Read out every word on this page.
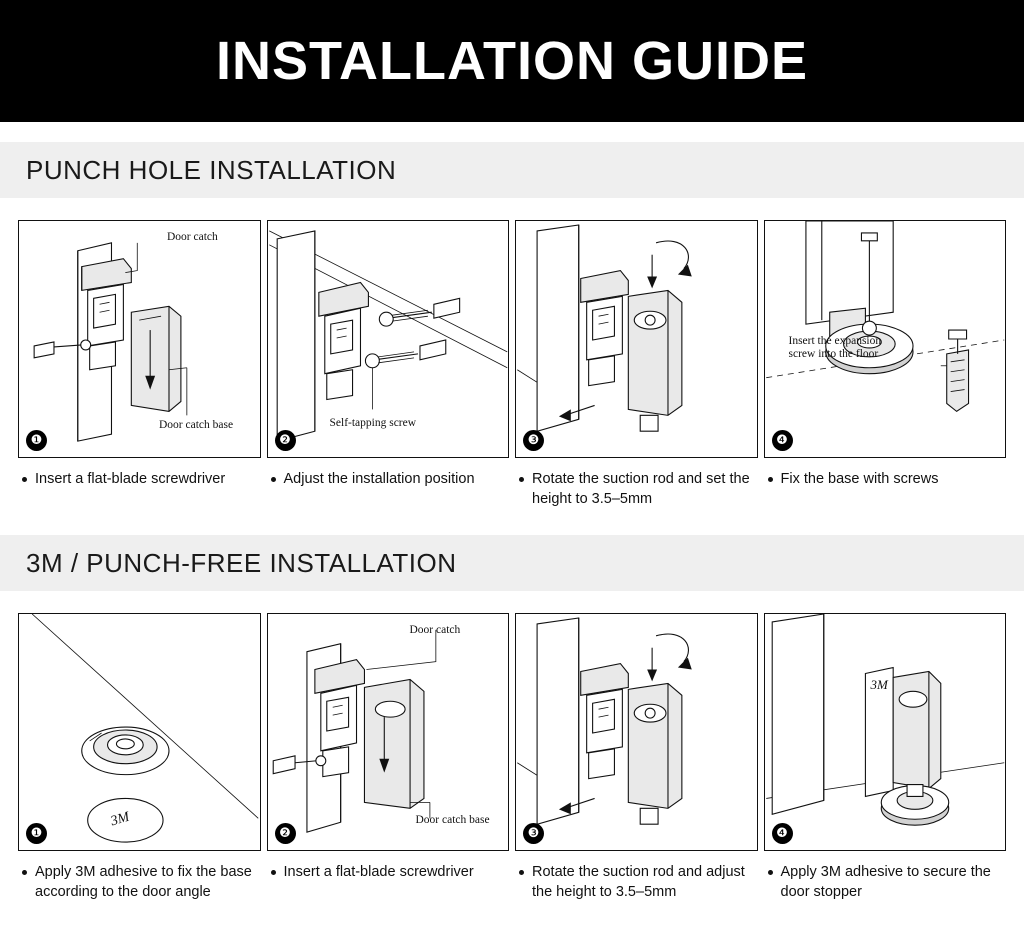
INSTALLATION GUIDE
PUNCH HOLE INSTALLATION
Door catch
Door catch base
❶
Insert a flat-blade screwdriver
Self-tapping screw
❷
Adjust the installation position
❸
Rotate the suction rod and set the height to 3.5–5mm
Insert the expansion
screw into the floor
❹
Fix the base with screws
3M / PUNCH-FREE INSTALLATION
3M
❶
Apply 3M adhesive to fix the base according to the door angle
Door catch
Door catch base
❷
Insert a flat-blade screwdriver
❸
Rotate the suction rod and adjust the height to 3.5–5mm
3M
❹
Apply 3M adhesive to secure the door stopper
